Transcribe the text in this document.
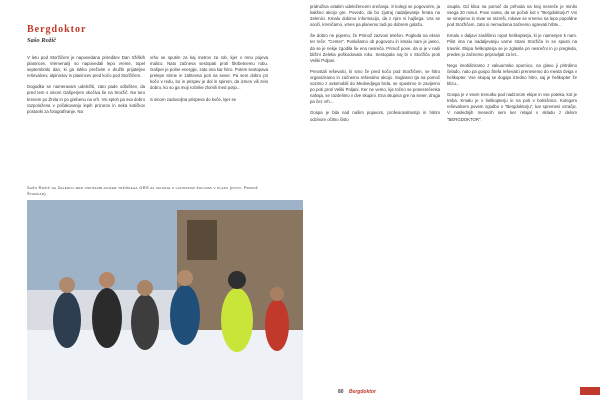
Bergdoktor
Sašo Rožič

V letu pod Storžičem je napovedana prireditev Dan tržiških planincev. Vremenarji so napovedali lepo vreme, topel septembrski dan, ki ga lahko preživim v družbi prijateljev reševalcev, alpinistov in planincev pred kočo pod Storžičem.

Dogodka se nameravam udeležiti, zato pade odločitev, da pred tem s sinom Gašperjem skočiva še na Storžič. Na turo krenem po Žrela in po grebenu na vrh. Vsi sploh pa sva dobro razpoložena v pričakovanju lepih prizorov in neka kotičkov postanki za fotografiranje. Na

vrhu se sputim za kaj metrov za rob, kjer v mnu pojeva malico. Nato začneva sestopati proti Škrbetnemu robu. Gašper je polne energije, zato ima kar hitro. Potem sestopava prelepe strme in zahtevna poti na sever. Pa sem dobro pri kočo v redu, bo in prispev je dol in spirem, da izmen vili zelo dobro, ko so ga moji ročnike zlomili med potjo...

S sinom zadovoljna prispeva do koče, kjer se

Sašo Rožič na Zelenici med usposabljanjem tržiškega GRS za iskanje z lavinskimi žolnami v plazu (foto: Primož Štamcar)

pridruživa ostalim udeležencem srečanja. S kolegi se pogovorim, ja kakšno akcijo gre. Povedo, da bo zjutraj nadaljevanje ferata na Zelenici. Kmalu dobimo informacijo, da z njim ni hujšega. Ura se sonči, krvničamo, vmes pa planemo tudi po dobrem golažu.

Še dobro ne pojemo, že Primož zazvoni telefon. Pogleda na ekran ter reče: "Center". Poslušamo ob pogovoru in kmalu nam je jasno, da se je nekje zgodila še ena nesreča. Primož pove, da si je v naši bližini Zeleka poškodovala roko. Sestopala naj bi s Storžiča proti Veliki Poljani.

Preostali reševalci, ki smo že pred kočo pod Storžičem, se hitro organiziramo in začnemo reševalno akcijo. Soglasno tja na pomoč vozimo z avtomobili do Medvedjega brda, se spustimo in zavijemo po poti proti Veliki Poljani. Ker ne vemo, kje točno se ponesrečenka nahaja, se razdelimo v dve skupini. Ena skupina gre na sever, druga pa čez vrh...

Gospa je bila nad našim pojavom, profesionalnostjo in hitrim odzivom očitno čisto

osupla. Od klica na pomoč do prihoda na kraj nesreče je minilo vsega 20 minut. Pove nama, da se počuti kot v "Bergdoktorju"! Vsi se smejemo in stvar se razreši, rokave se vrnemo na lepo popoldne pod Storžičem, zato si nemudoma začnemo ogrevati hrbte...

Kmalu v daljavi zaslišimo ropot helikopterja, ki je namenjen k nam. Pilot ima na nadaljevanju varne strani Storžiča in se spusti na travnik. Ekipa helikopterja se je zglasila pri nesrečni in jo pregleda, preden jo začnemo pripravljati za let...

Nego imobiliziramo z vakuumsko opornico, na glavo ji pritrdimo čelado, nato pa gospo Štefa reševalci prenesemo do mesta dviga v helikopter. Vse skupaj se dogaja izredno hitro, saj je helikopter že blizu...

Gospa je v vsem trenutku pod nadzorom ekipe in vse poteka, kot je treba. Kmalu je v helikopterju in na poti v bolnišnico. Kolegom reševalcem povem zgodbo o "Bergdoktorju", kar spremeni ozračje. V naslednjih mesecih sem ker relajal v skladu z delom "BERGDOKTOR".

80 Bergdoktor
